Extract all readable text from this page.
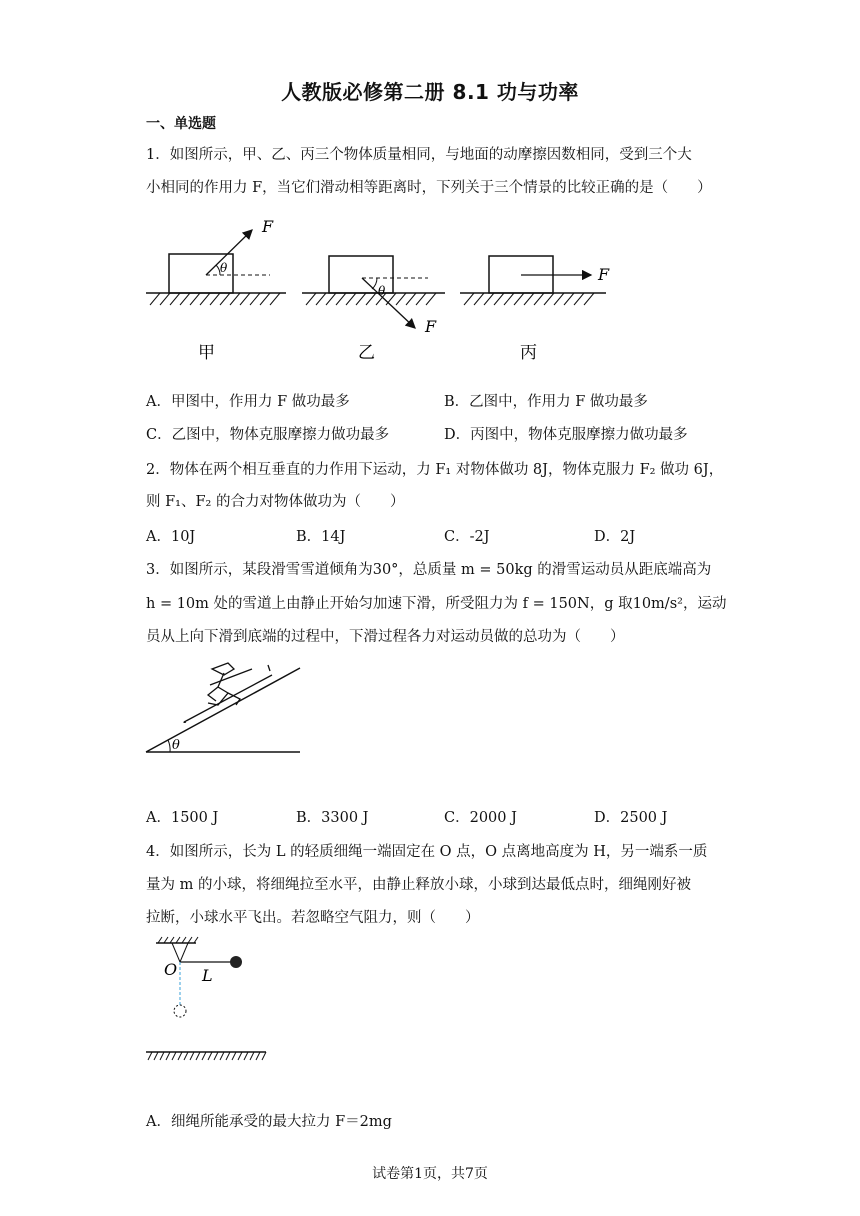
人教版必修第二册 8.1 功与功率
一、单选题
1．如图所示，甲、乙、丙三个物体质量相同，与地面的动摩擦因数相同，受到三个大
小相同的作用力 F，当它们滑动相等距离时，下列关于三个情景的比较正确的是（　　）
θ
F
θ
F
F
甲	乙	丙
A．甲图中，作用力 F 做功最多	B．乙图中，作用力 F 做功最多
C．乙图中，物体克服摩擦力做功最多	D．丙图中，物体克服摩擦力做功最多
2．物体在两个相互垂直的力作用下运动，力 F₁ 对物体做功 8J，物体克服力 F₂ 做功 6J，
则 F₁、F₂ 的合力对物体做功为（　　）
A．10J	B．14J	C．-2J	D．2J
3．如图所示，某段滑雪雪道倾角为30°，总质量 m = 50kg 的滑雪运动员从距底端高为
h = 10m 处的雪道上由静止开始匀加速下滑，所受阻力为 f = 150N，g 取10m/s²，运动
员从上向下滑到底端的过程中，下滑过程各力对运动员做的总功为（　　）
θ
A．1500 J	B．3300 J	C．2000 J	D．2500 J
4．如图所示，长为 L 的轻质细绳一端固定在 O 点，O 点离地高度为 H，另一端系一质
量为 m 的小球，将细绳拉至水平，由静止释放小球，小球到达最低点时，细绳刚好被
拉断，小球水平飞出。若忽略空气阻力，则（　　）
O L
A．细绳所能承受的最大拉力 F＝2mg
试卷第1页，共7页
